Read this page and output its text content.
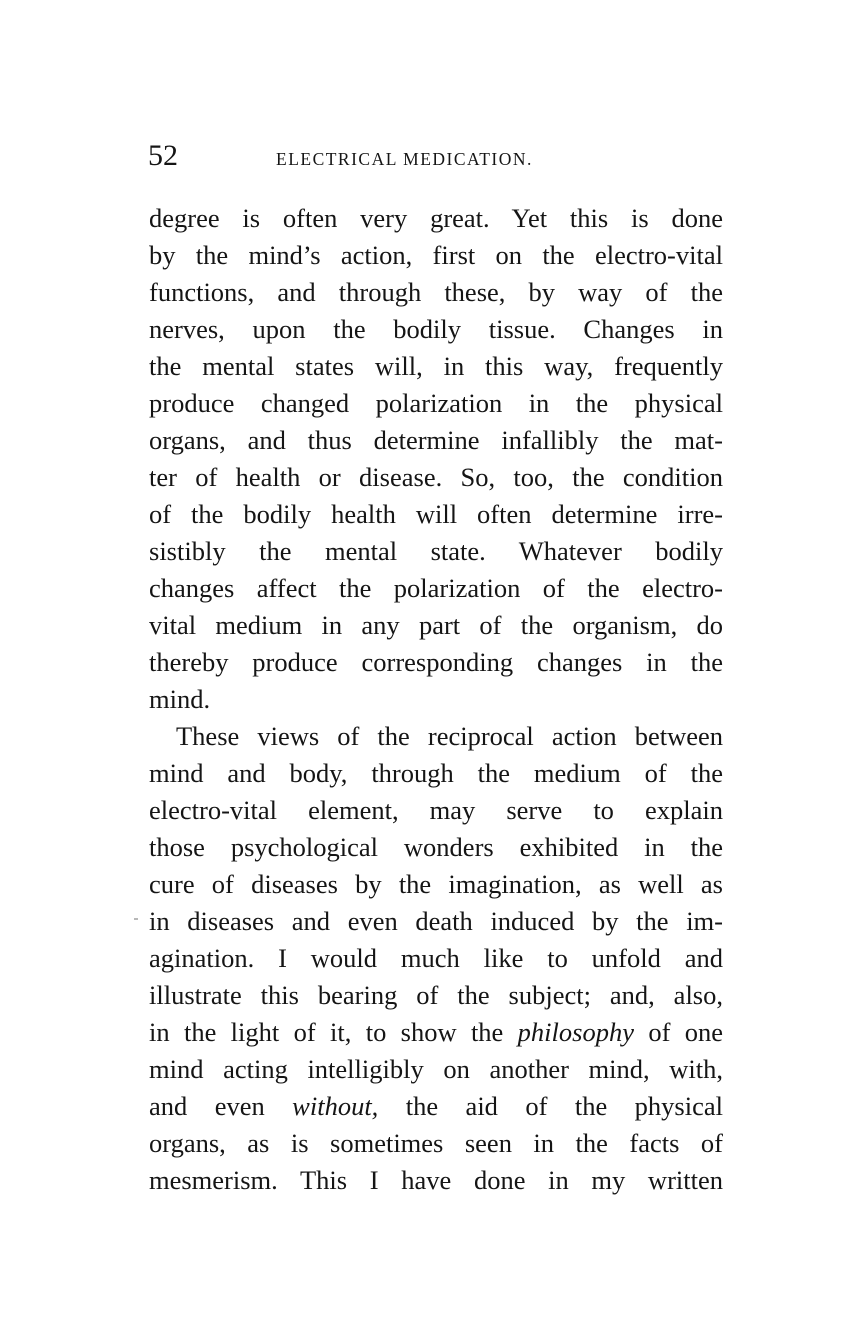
52	ELECTRICAL MEDICATION.
degree is often very great. Yet this is done
by the mind’s action, first on the electro-vital
functions, and through these, by way of the
nerves, upon the bodily tissue. Changes in
the mental states will, in this way, frequently
produce changed polarization in the physical
organs, and thus determine infallibly the mat-
ter of health or disease. So, too, the condition
of the bodily health will often determine irre-
sistibly the mental state. Whatever bodily
changes affect the polarization of the electro-
vital medium in any part of the organism, do
thereby produce corresponding changes in the
mind.
These views of the reciprocal action between
mind and body, through the medium of the
electro-vital element, may serve to explain
those psychological wonders exhibited in the
cure of diseases by the imagination, as well as
in diseases and even death induced by the im-
agination. I would much like to unfold and
illustrate this bearing of the subject; and, also,
in the light of it, to show the philosophy of one
mind acting intelligibly on another mind, with,
and even without, the aid of the physical
organs, as is sometimes seen in the facts of
mesmerism. This I have done in my written
